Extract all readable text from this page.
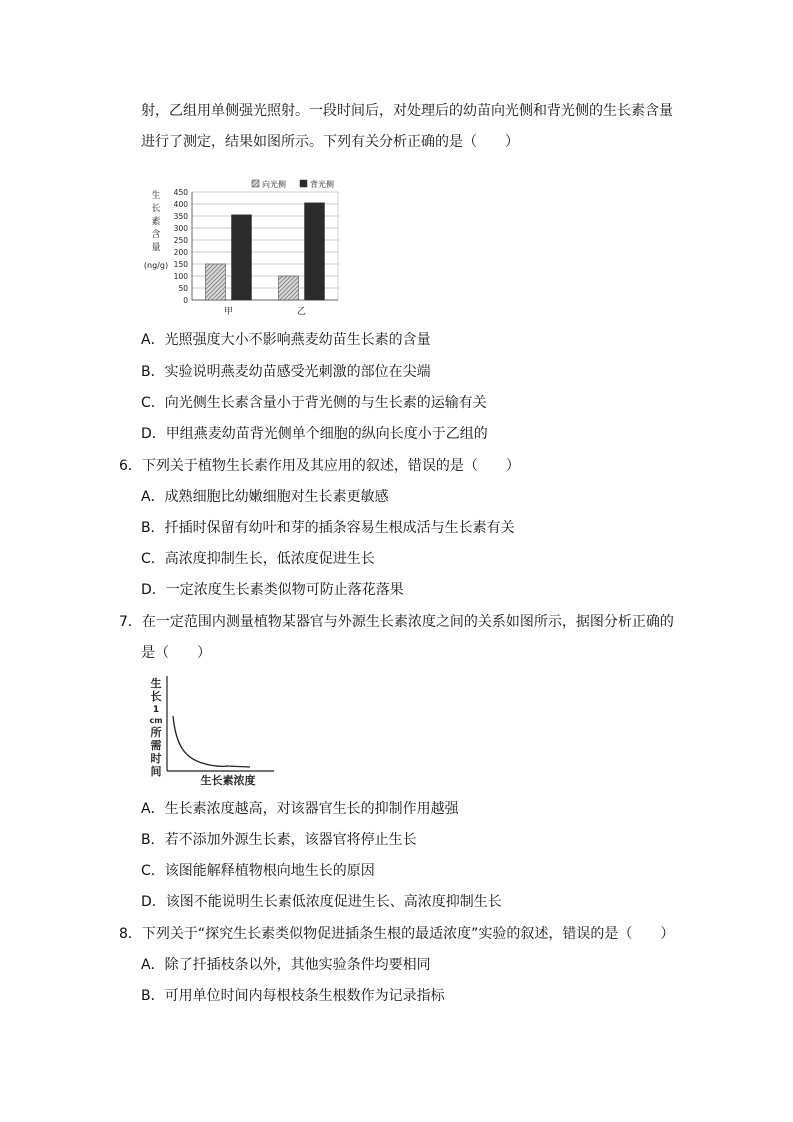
射，乙组用单侧强光照射。一段时间后，对处理后的幼苗向光侧和背光侧的生长素含量
进行了测定，结果如图所示。下列有关分析正确的是（　　）
生
长
素
含
量
(ng/g)
0
50
100
150
200
250
300
350
400
450
甲	乙
向光侧	背光侧
A．光照强度大小不影响燕麦幼苗生长素的含量
B．实验说明燕麦幼苗感受光刺激的部位在尖端
C．向光侧生长素含量小于背光侧的与生长素的运输有关
D．甲组燕麦幼苗背光侧单个细胞的纵向长度小于乙组的
6．下列关于植物生长素作用及其应用的叙述，错误的是（　　）
A．成熟细胞比幼嫩细胞对生长素更敏感
B．扦插时保留有幼叶和芽的插条容易生根成活与生长素有关
C．高浓度抑制生长，低浓度促进生长
D．一定浓度生长素类似物可防止落花落果
7．在一定范围内测量植物某器官与外源生长素浓度之间的关系如图所示，据图分析正确的
是（　　）
生
长
1
cm
所
需
时
间
生长素浓度
A．生长素浓度越高，对该器官生长的抑制作用越强
B．若不添加外源生长素，该器官将停止生长
C．该图能解释植物根向地生长的原因
D．该图不能说明生长素低浓度促进生长、高浓度抑制生长
8．下列关于“探究生长素类似物促进插条生根的最适浓度”实验的叙述，错误的是（　　）
A．除了扦插枝条以外，其他实验条件均要相同
B．可用单位时间内每根枝条生根数作为记录指标
